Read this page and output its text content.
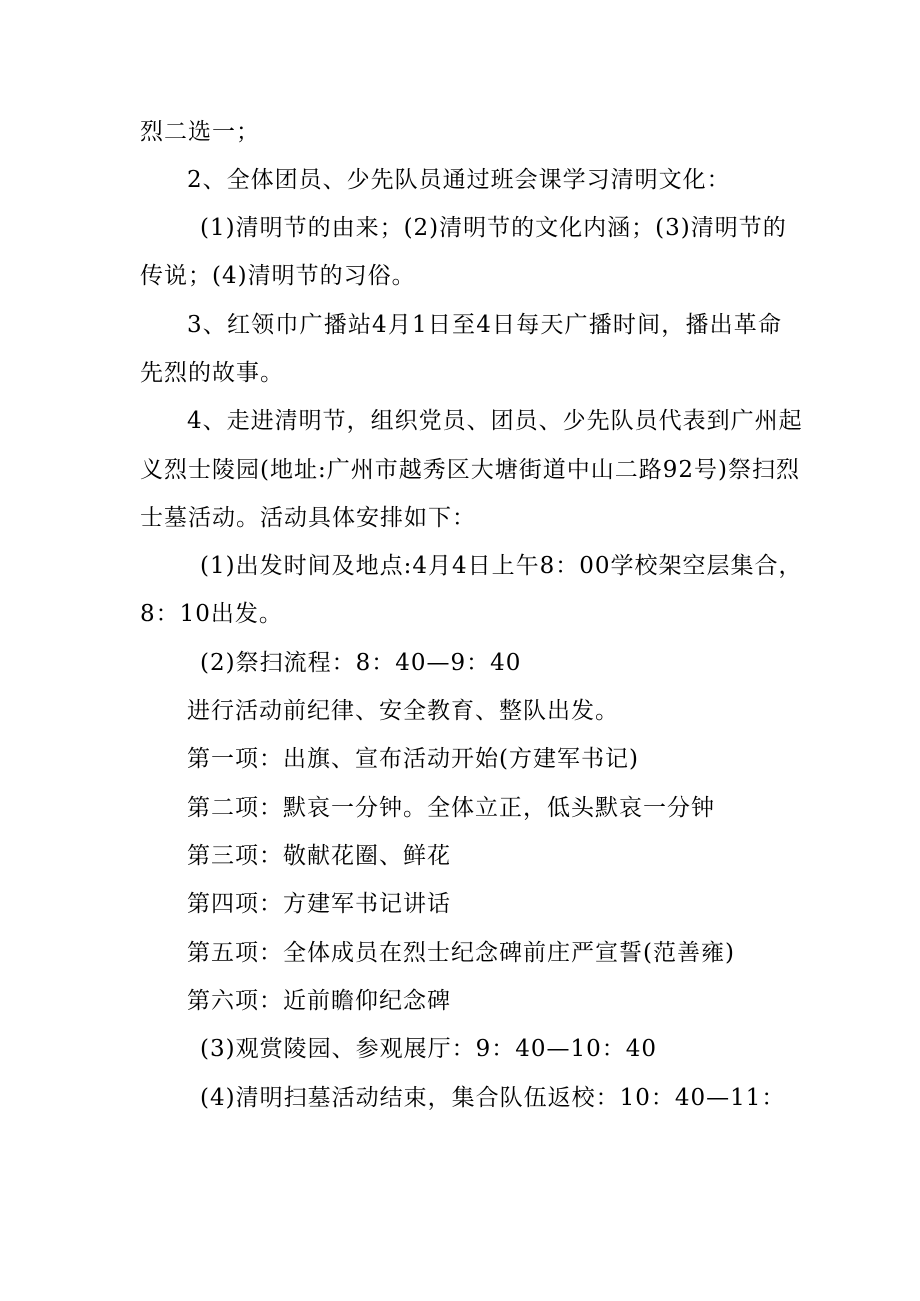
烈二选一；

2、全体团员、少先队员通过班会课学习清明文化：

(1)清明节的由来；(2)清明节的文化内涵；(3)清明节的

传说；(4)清明节的习俗。

3、红领巾广播站4月1日至4日每天广播时间，播出革命

先烈的故事。

4、走进清明节，组织党员、团员、少先队员代表到广州起

义烈士陵园(地址:广州市越秀区大塘街道中山二路92号)祭扫烈

士墓活动。活动具体安排如下：

(1)出发时间及地点:4月4日上午8：00学校架空层集合，

8：10出发。

(2)祭扫流程：8：40—9：40

进行活动前纪律、安全教育、整队出发。

第一项：出旗、宣布活动开始(方建军书记)

第二项：默哀一分钟。全体立正，低头默哀一分钟

第三项：敬献花圈、鲜花

第四项：方建军书记讲话

第五项：全体成员在烈士纪念碑前庄严宣誓(范善雍)

第六项：近前瞻仰纪念碑

(3)观赏陵园、参观展厅：9：40—10：40

(4)清明扫墓活动结束，集合队伍返校：10：40—11：
